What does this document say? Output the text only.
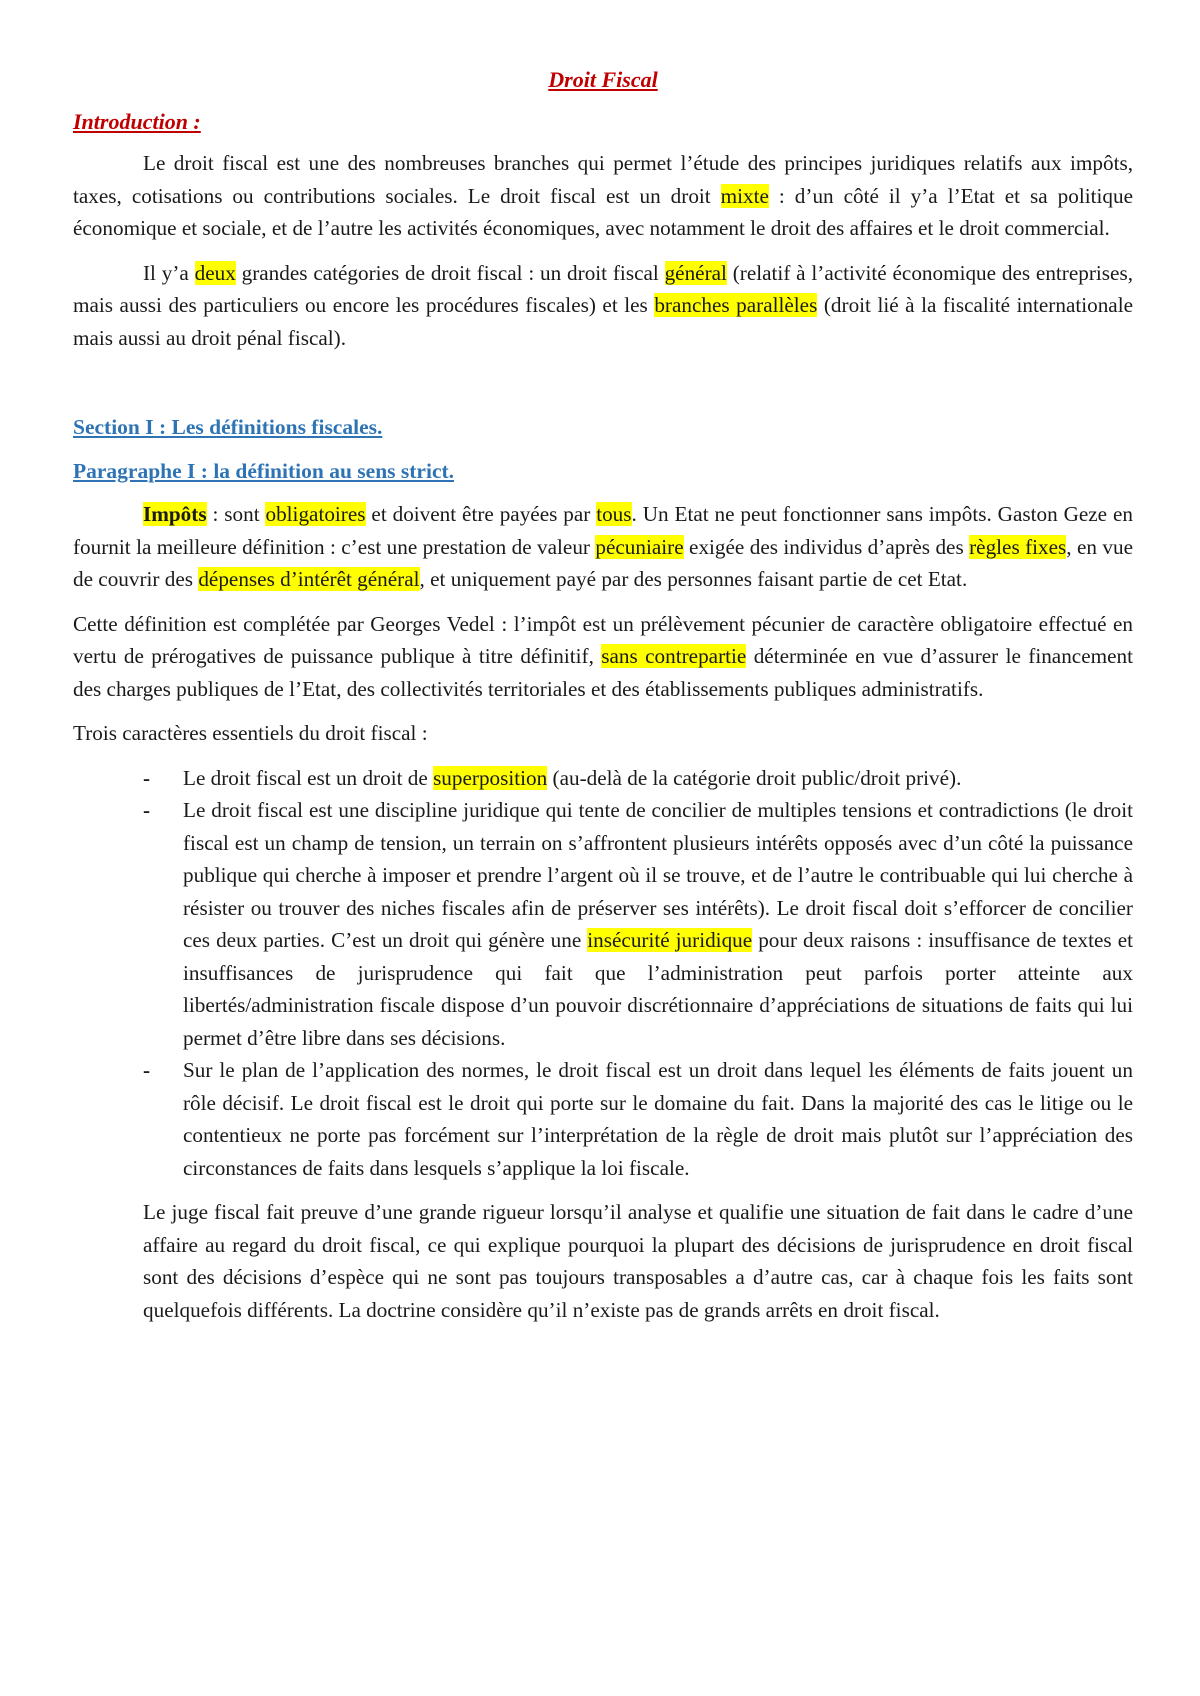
Droit Fiscal
Introduction :

Le droit fiscal est une des nombreuses branches qui permet l’étude des principes juridiques relatifs aux impôts, taxes, cotisations ou contributions sociales. Le droit fiscal est un droit mixte : d’un côté il y’a l’Etat et sa politique économique et sociale, et de l’autre les activités économiques, avec notamment le droit des affaires et le droit commercial.

Il y’a deux grandes catégories de droit fiscal : un droit fiscal général (relatif à l’activité économique des entreprises, mais aussi des particuliers ou encore les procédures fiscales) et les branches parallèles (droit lié à la fiscalité internationale mais aussi au droit pénal fiscal).

Section I : Les définitions fiscales.
Paragraphe I : la définition au sens strict.

Impôts : sont obligatoires et doivent être payées par tous. Un Etat ne peut fonctionner sans impôts. Gaston Geze en fournit la meilleure définition : c’est une prestation de valeur pécuniaire exigée des individus d’après des règles fixes, en vue de couvrir des dépenses d’intérêt général, et uniquement payé par des personnes faisant partie de cet Etat.

Cette définition est complétée par Georges Vedel : l’impôt est un prélèvement pécunier de caractère obligatoire effectué en vertu de prérogatives de puissance publique à titre définitif, sans contrepartie déterminée en vue d’assurer le financement des charges publiques de l’Etat, des collectivités territoriales et des établissements publiques administratifs.

Trois caractères essentiels du droit fiscal :

- Le droit fiscal est un droit de superposition (au-delà de la catégorie droit public/droit privé).
- Le droit fiscal est une discipline juridique qui tente de concilier de multiples tensions et contradictions (le droit fiscal est un champ de tension, un terrain on s’affrontent plusieurs intérêts opposés avec d’un côté la puissance publique qui cherche à imposer et prendre l’argent où il se trouve, et de l’autre le contribuable qui lui cherche à résister ou trouver des niches fiscales afin de préserver ses intérêts). Le droit fiscal doit s’efforcer de concilier ces deux parties. C’est un droit qui génère une insécurité juridique pour deux raisons : insuffisance de textes et insuffisances de jurisprudence qui fait que l’administration peut parfois porter atteinte aux libertés/administration fiscale dispose d’un pouvoir discrétionnaire d’appréciations de situations de faits qui lui permet d’être libre dans ses décisions.
- Sur le plan de l’application des normes, le droit fiscal est un droit dans lequel les éléments de faits jouent un rôle décisif. Le droit fiscal est le droit qui porte sur le domaine du fait. Dans la majorité des cas le litige ou le contentieux ne porte pas forcément sur l’interprétation de la règle de droit mais plutôt sur l’appréciation des circonstances de faits dans lesquels s’applique la loi fiscale.

Le juge fiscal fait preuve d’une grande rigueur lorsqu’il analyse et qualifie une situation de fait dans le cadre d’une affaire au regard du droit fiscal, ce qui explique pourquoi la plupart des décisions de jurisprudence en droit fiscal sont des décisions d’espèce qui ne sont pas toujours transposables a d’autre cas, car à chaque fois les faits sont quelquefois différents. La doctrine considère qu’il n’existe pas de grands arrêts en droit fiscal.
